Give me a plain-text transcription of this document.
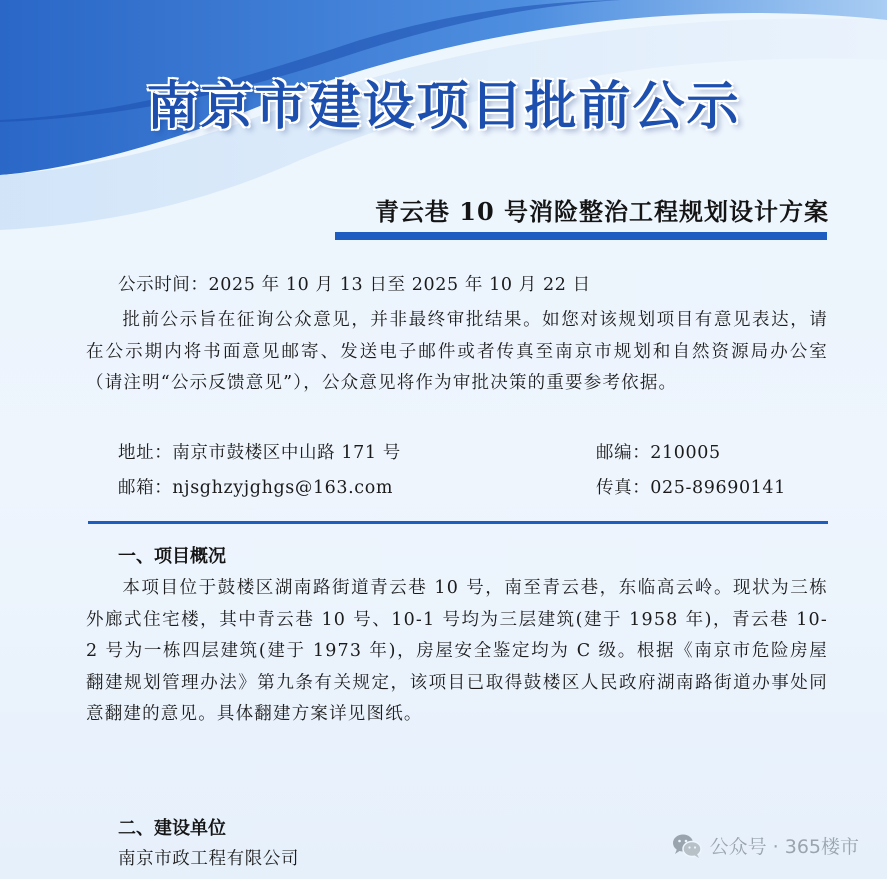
南京市建设项目批前公示
青云巷 10 号消险整治工程规划设计方案
公示时间：2025 年 10 月 13 日至 2025 年 10 月 22 日
批前公示旨在征询公众意见，并非最终审批结果。如您对该规划项目有意见表达，请在公示期内将书面意见邮寄、发送电子邮件或者传真至南京市规划和自然资源局办公室（请注明“公示反馈意见”），公众意见将作为审批决策的重要参考依据。
地址：南京市鼓楼区中山路 171 号	邮编：210005
邮箱：njsghzyjghgs@163.com	传真：025-89690141
一、项目概况
本项目位于鼓楼区湖南路街道青云巷 10 号，南至青云巷，东临高云岭。现状为三栋外廊式住宅楼，其中青云巷 10 号、10-1 号均为三层建筑(建于 1958 年)，青云巷 10-2 号为一栋四层建筑(建于 1973 年)，房屋安全鉴定均为 C 级。根据《南京市危险房屋翻建规划管理办法》第九条有关规定，该项目已取得鼓楼区人民政府湖南路街道办事处同意翻建的意见。具体翻建方案详见图纸。
二、建设单位
南京市政工程有限公司
公众号 · 365楼市
